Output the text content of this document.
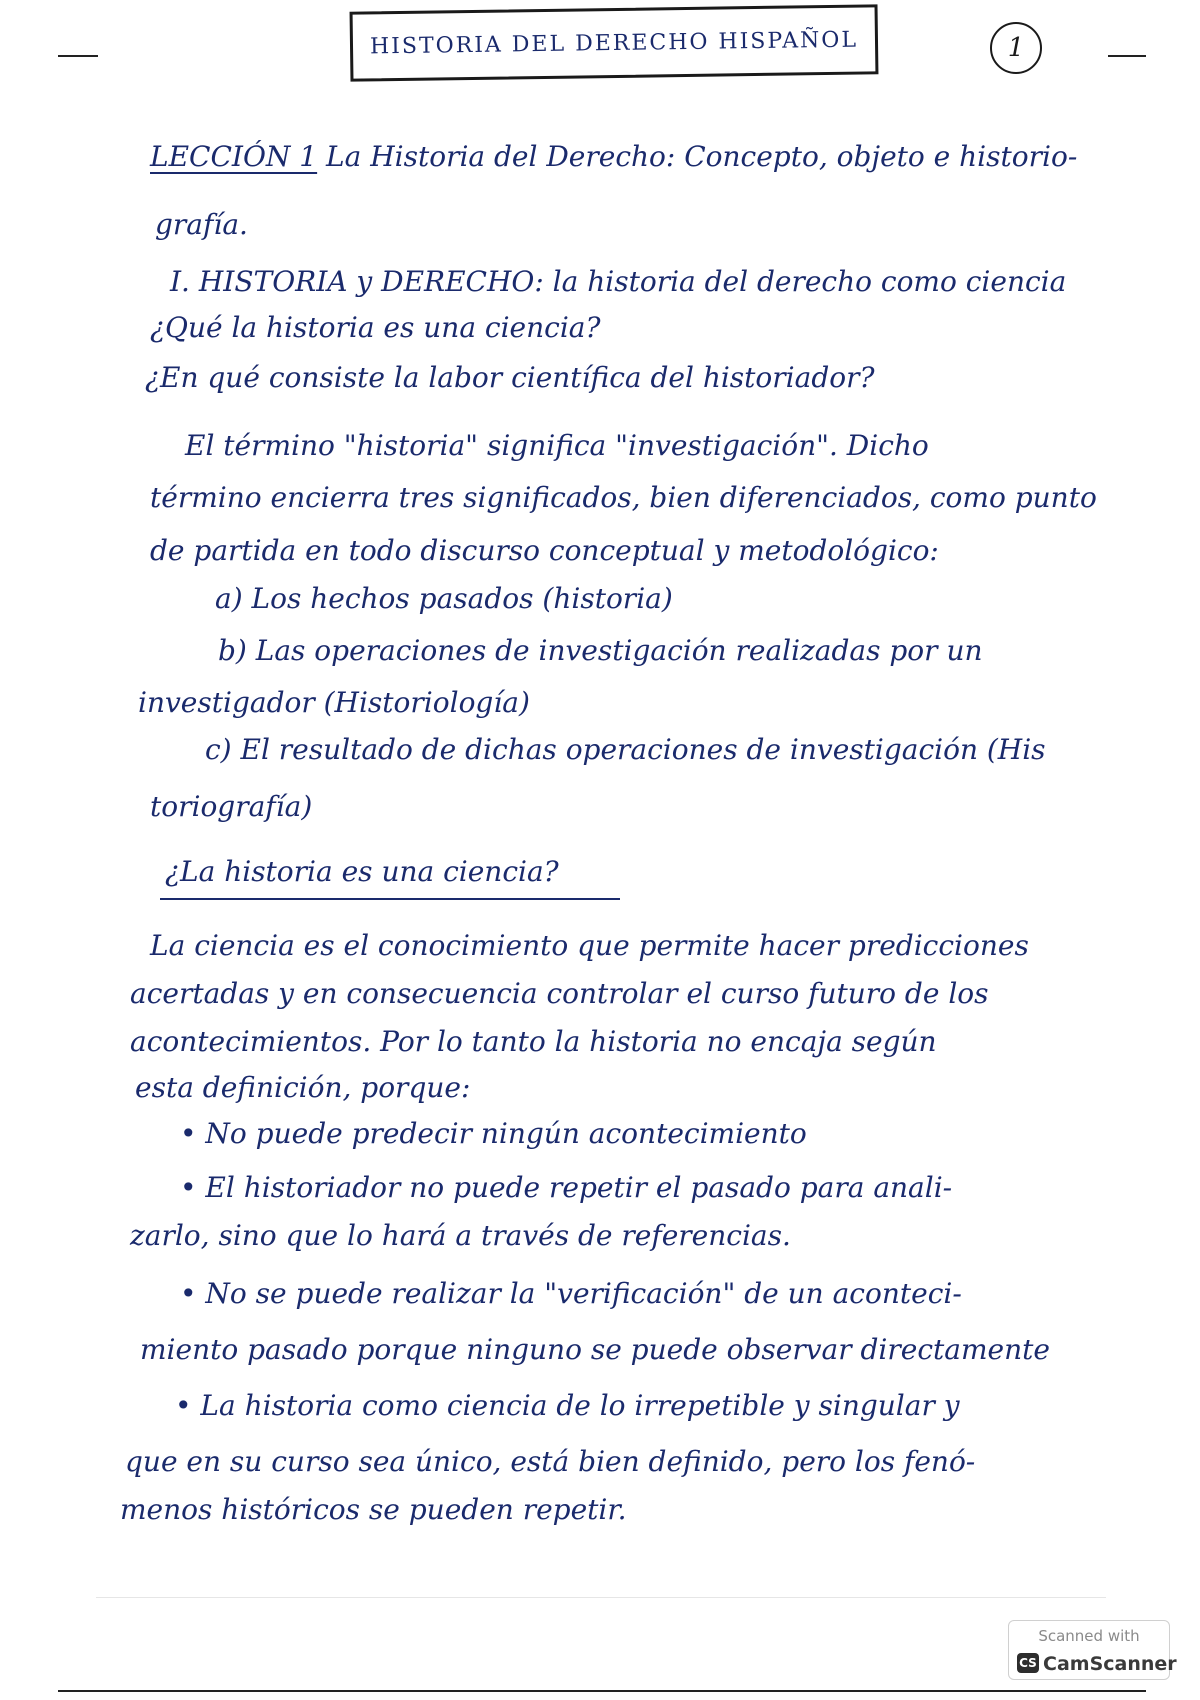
HISTORIA DEL DERECHO HISPAÑOL	1
LECCIÓN 1 La Historia del Derecho: Concepto, objeto e historio-
grafía.
I. HISTORIA y DERECHO: la historia del derecho como ciencia
¿Qué la historia es una ciencia?
¿En qué consiste la labor científica del historiador?
El término "historia" significa "investigación". Dicho
término encierra tres significados, bien diferenciados, como punto
de partida en todo discurso conceptual y metodológico:
a) Los hechos pasados (historia)
b) Las operaciones de investigación realizadas por un
investigador (Historiología)
c) El resultado de dichas operaciones de investigación (His
toriografía)
¿La historia es una ciencia?
La ciencia es el conocimiento que permite hacer predicciones
acertadas y en consecuencia controlar el curso futuro de los
acontecimientos. Por lo tanto la historia no encaja según
esta definición, porque:
• No puede predecir ningún acontecimiento
• El historiador no puede repetir el pasado para anali-
zarlo, sino que lo hará a través de referencias.
• No se puede realizar la "verificación" de un aconteci-
miento pasado porque ninguno se puede observar directamente
• La historia como ciencia de lo irrepetible y singular y
que en su curso sea único, está bien definido, pero los fenó-
menos históricos se pueden repetir.
Scanned with
CS CamScanner
